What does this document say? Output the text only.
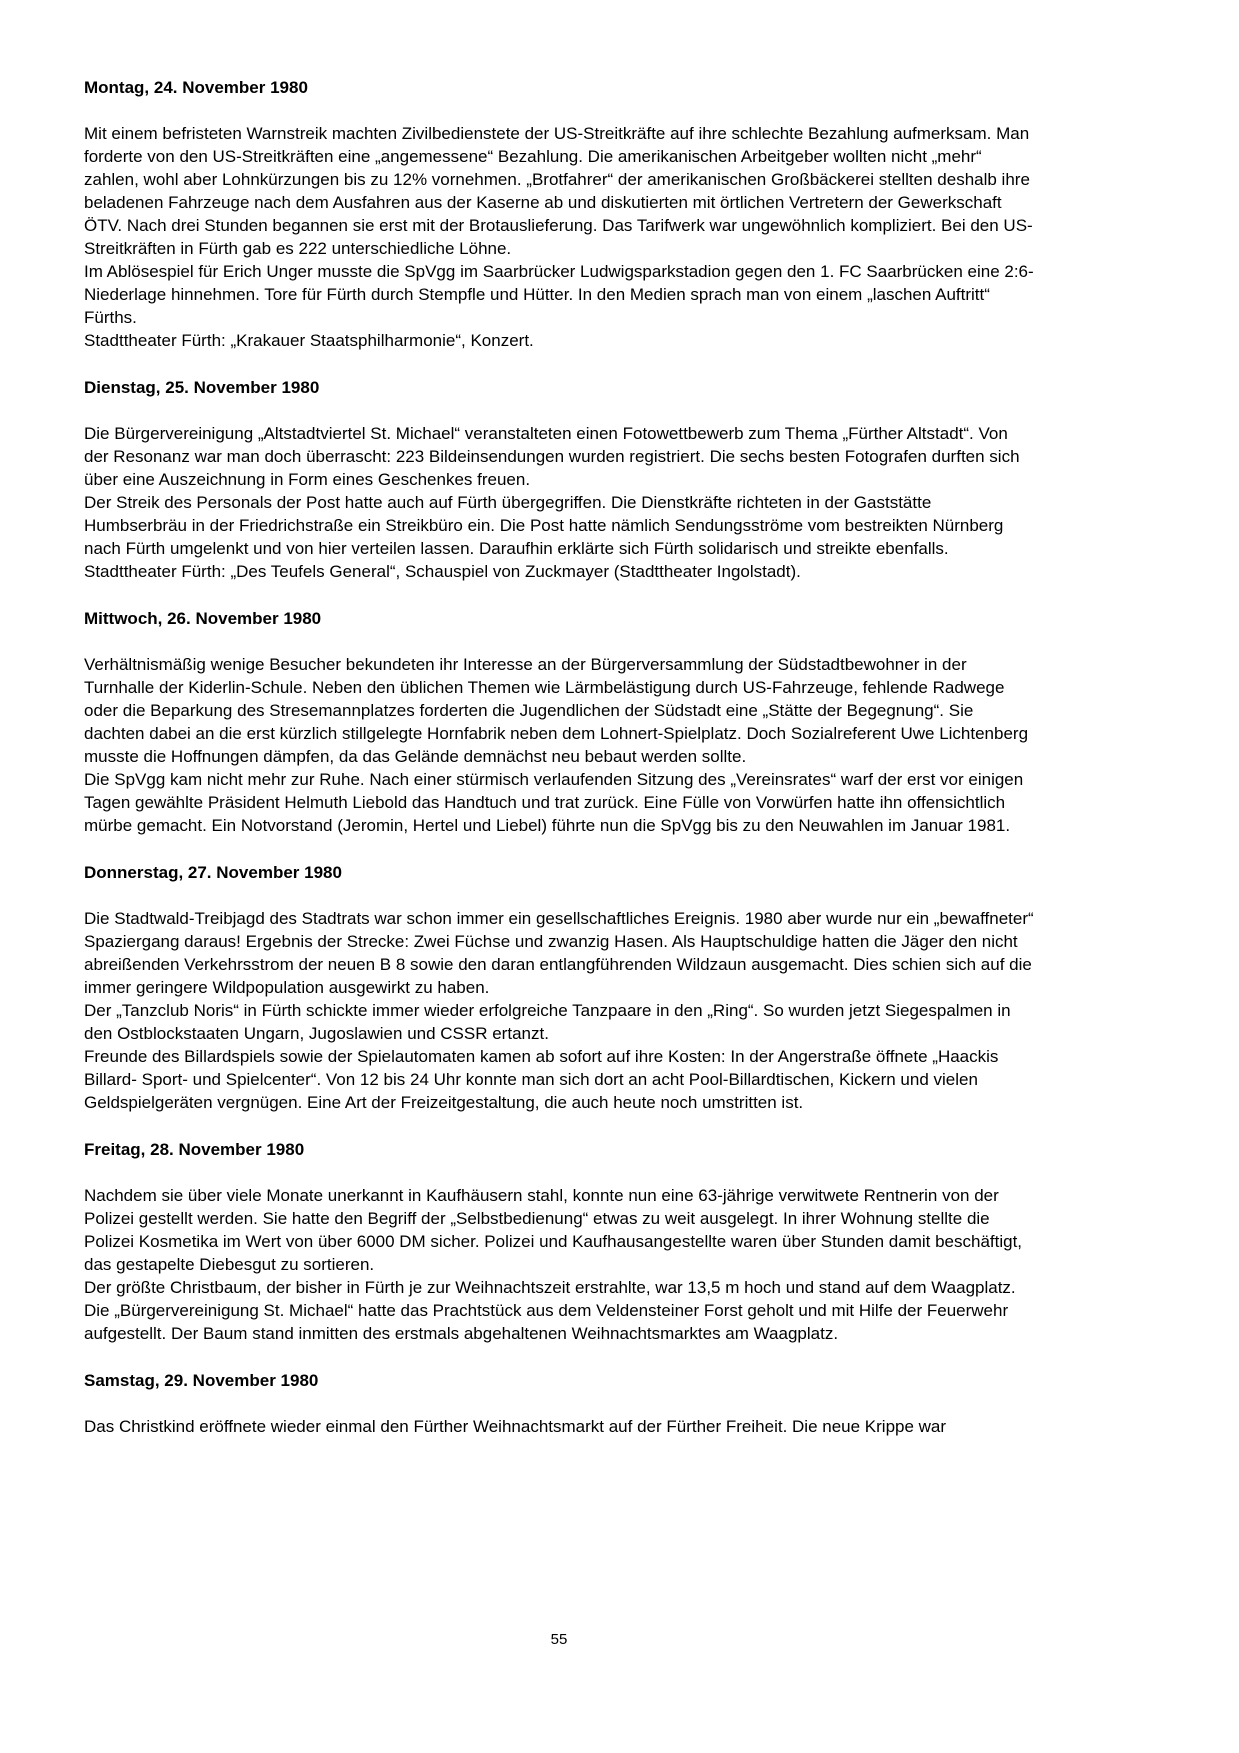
Montag, 24. November 1980

Mit einem befristeten Warnstreik machten Zivilbedienstete der US-Streitkräfte auf ihre schlechte Bezahlung aufmerksam. Man forderte von den US-Streitkräften eine „angemessene“ Bezahlung. Die amerikanischen Arbeitgeber wollten nicht „mehr“ zahlen, wohl aber Lohnkürzungen bis zu 12% vornehmen. „Brotfahrer“ der amerikanischen Großbäckerei stellten deshalb ihre beladenen Fahrzeuge nach dem Ausfahren aus der Kaserne ab und diskutierten mit örtlichen Vertretern der Gewerkschaft ÖTV. Nach drei Stunden begannen sie erst mit der Brotauslieferung. Das Tarifwerk war ungewöhnlich kompliziert. Bei den US-Streitkräften in Fürth gab es 222 unterschiedliche Löhne.

Im Ablösespiel für Erich Unger musste die SpVgg im Saarbrücker Ludwigsparkstadion gegen den 1. FC Saarbrücken eine 2:6-Niederlage hinnehmen. Tore für Fürth durch Stempfle und Hütter. In den Medien sprach man von einem „laschen Auftritt“ Fürths.

Stadttheater Fürth: „Krakauer Staatsphilharmonie“, Konzert.

Dienstag, 25. November 1980

Die Bürgervereinigung „Altstadtviertel St. Michael“ veranstalteten einen Fotowettbewerb zum Thema „Fürther Altstadt“. Von der Resonanz war man doch überrascht: 223 Bildeinsendungen wurden registriert. Die sechs besten Fotografen durften sich über eine Auszeichnung in Form eines Geschenkes freuen.

Der Streik des Personals der Post hatte auch auf Fürth übergegriffen. Die Dienstkräfte richteten in der Gaststätte Humbserbräu in der Friedrichstraße ein Streikbüro ein. Die Post hatte nämlich Sendungsströme vom bestreikten Nürnberg nach Fürth umgelenkt und von hier verteilen lassen. Daraufhin erklärte sich Fürth solidarisch und streikte ebenfalls.

Stadttheater Fürth: „Des Teufels General“, Schauspiel von Zuckmayer (Stadttheater Ingolstadt).

Mittwoch, 26. November 1980

Verhältnismäßig wenige Besucher bekundeten ihr Interesse an der Bürgerversammlung der Südstadtbewohner in der Turnhalle der Kiderlin-Schule. Neben den üblichen Themen wie Lärmbelästigung durch US-Fahrzeuge, fehlende Radwege oder die Beparkung des Stresemannplatzes forderten die Jugendlichen der Südstadt eine „Stätte der Begegnung“. Sie dachten dabei an die erst kürzlich stillgelegte Hornfabrik neben dem Lohnert-Spielplatz. Doch Sozialreferent Uwe Lichtenberg musste die Hoffnungen dämpfen, da das Gelände demnächst neu bebaut werden sollte.

Die SpVgg kam nicht mehr zur Ruhe. Nach einer stürmisch verlaufenden Sitzung des „Vereinsrates“ warf der erst vor einigen Tagen gewählte Präsident Helmuth Liebold das Handtuch und trat zurück. Eine Fülle von Vorwürfen hatte ihn offensichtlich mürbe gemacht. Ein Notvorstand (Jeromin, Hertel und Liebel) führte nun die SpVgg bis zu den Neuwahlen im Januar 1981.

Donnerstag, 27. November 1980

Die Stadtwald-Treibjagd des Stadtrats war schon immer ein gesellschaftliches Ereignis. 1980 aber wurde nur ein „bewaffneter“ Spaziergang daraus! Ergebnis der Strecke: Zwei Füchse und zwanzig Hasen. Als Hauptschuldige hatten die Jäger den nicht abreißenden Verkehrsstrom der neuen B 8 sowie den daran entlangführenden Wildzaun ausgemacht. Dies schien sich auf die immer geringere Wildpopulation ausgewirkt zu haben.

Der „Tanzclub Noris“ in Fürth schickte immer wieder erfolgreiche Tanzpaare in den „Ring“. So wurden jetzt Siegespalmen in den Ostblockstaaten Ungarn, Jugoslawien und CSSR ertanzt.

Freunde des Billardspiels sowie der Spielautomaten kamen ab sofort auf ihre Kosten: In der Angerstraße öffnete „Haackis Billard- Sport- und Spielcenter“. Von 12 bis 24 Uhr konnte man sich dort an acht Pool-Billardtischen, Kickern und vielen Geldspielgeräten vergnügen. Eine Art der Freizeitgestaltung, die auch heute noch umstritten ist.

Freitag, 28. November 1980

Nachdem sie über viele Monate unerkannt in Kaufhäusern stahl, konnte nun eine 63-jährige verwitwete Rentnerin von der Polizei gestellt werden. Sie hatte den Begriff der „Selbstbedienung“ etwas zu weit ausgelegt. In ihrer Wohnung stellte die Polizei Kosmetika im Wert von über 6000 DM sicher. Polizei und Kaufhausangestellte waren über Stunden damit beschäftigt, das gestapelte Diebesgut zu sortieren.

Der größte Christbaum, der bisher in Fürth je zur Weihnachtszeit erstrahlte, war 13,5 m hoch und stand auf dem Waagplatz. Die „Bürgervereinigung St. Michael“ hatte das Prachtstück aus dem Veldensteiner Forst geholt und mit Hilfe der Feuerwehr aufgestellt. Der Baum stand inmitten des erstmals abgehaltenen Weihnachtsmarktes am Waagplatz.

Samstag, 29. November 1980

Das Christkind eröffnete wieder einmal den Fürther Weihnachtsmarkt auf der Fürther Freiheit. Die neue Krippe war

55
